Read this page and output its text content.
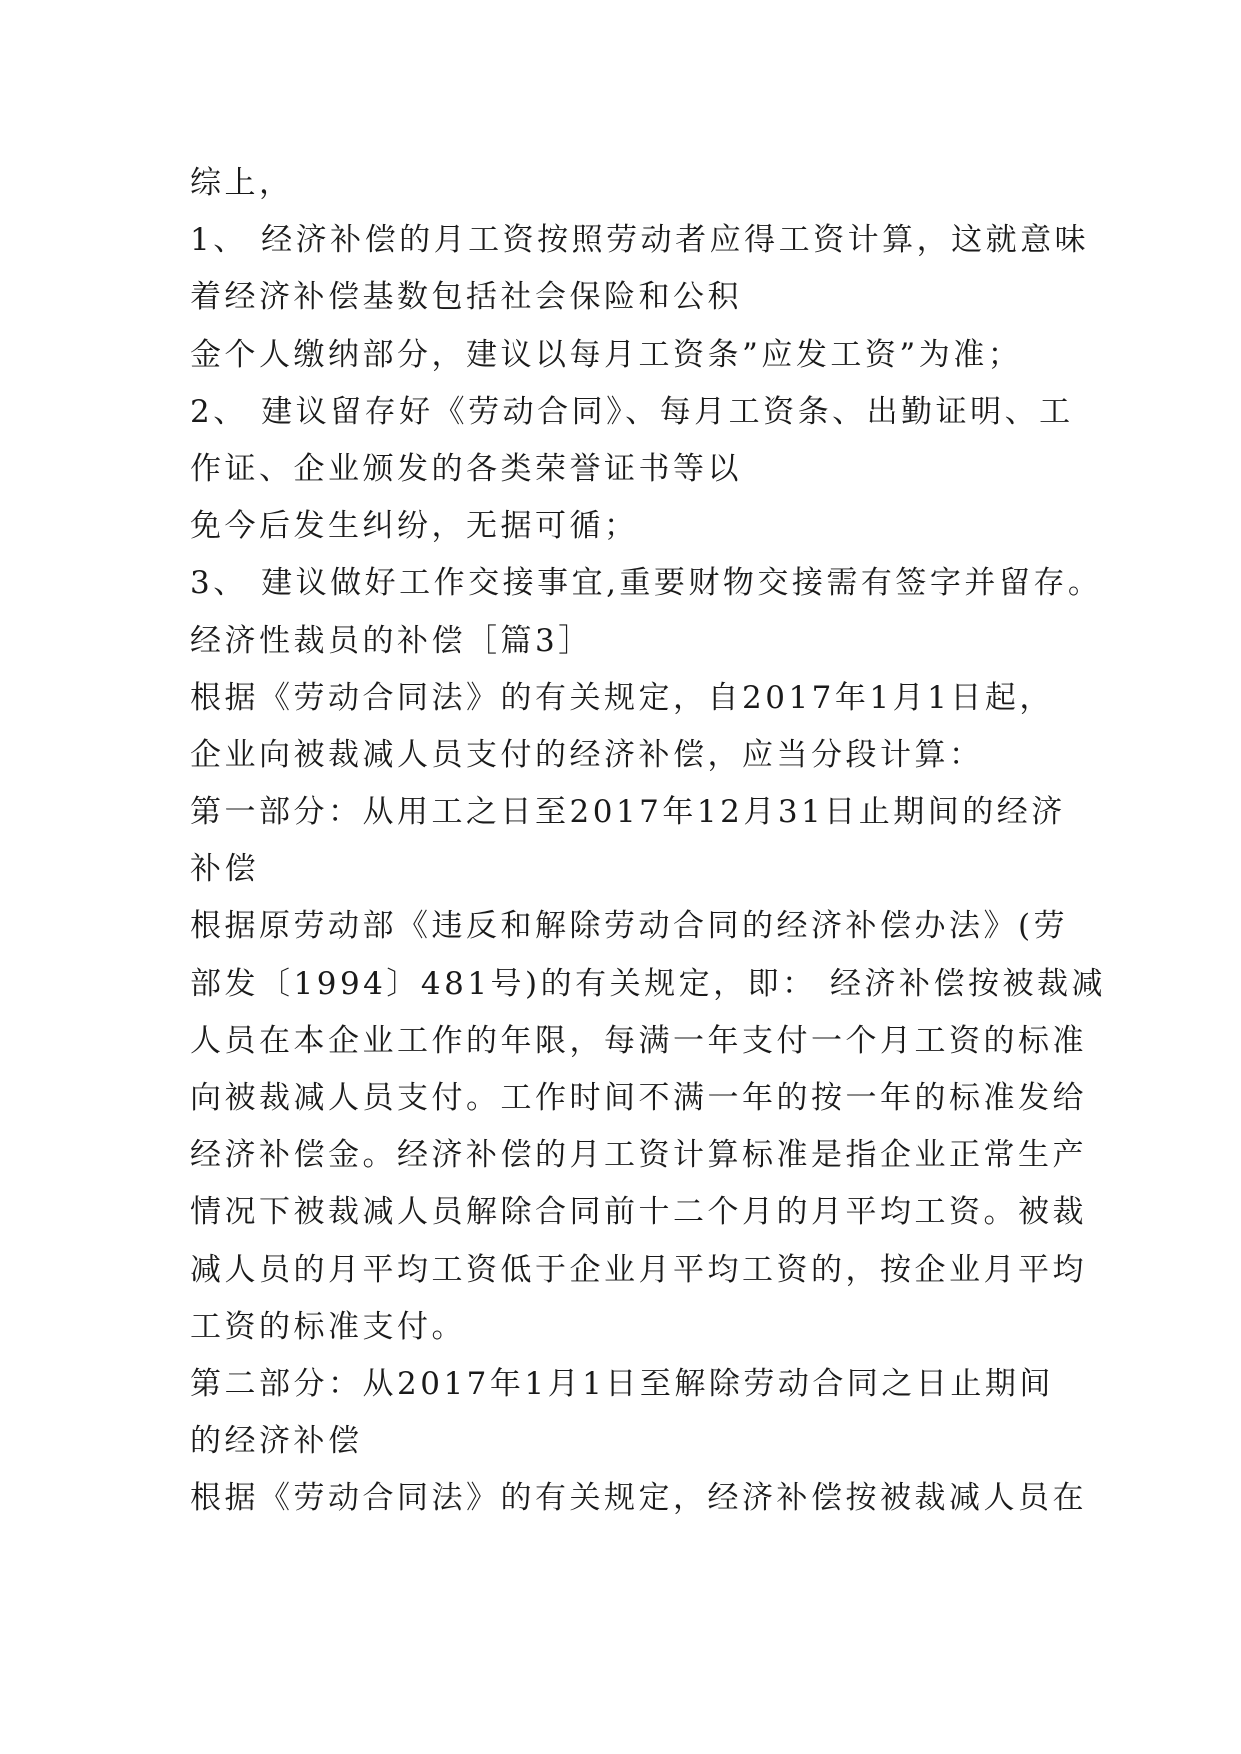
综上，
1、 经济补偿的月工资按照劳动者应得工资计算，这就意味
着经济补偿基数包括社会保险和公积
金个人缴纳部分，建议以每月工资条”应发工资”为准；
2、 建议留存好《劳动合同》、每月工资条、出勤证明、工
作证、企业颁发的各类荣誉证书等以
免今后发生纠纷，无据可循；
3、 建议做好工作交接事宜,重要财物交接需有签字并留存。
经济性裁员的补偿［篇3］
根据《劳动合同法》的有关规定，自2017年1月1日起，
企业向被裁减人员支付的经济补偿，应当分段计算：
第一部分：从用工之日至2017年12月31日止期间的经济
补偿
根据原劳动部《违反和解除劳动合同的经济补偿办法》(劳
部发〔1994〕481号)的有关规定，即： 经济补偿按被裁减
人员在本企业工作的年限，每满一年支付一个月工资的标准
向被裁减人员支付。工作时间不满一年的按一年的标准发给
经济补偿金。经济补偿的月工资计算标准是指企业正常生产
情况下被裁减人员解除合同前十二个月的月平均工资。被裁
减人员的月平均工资低于企业月平均工资的，按企业月平均
工资的标准支付。
第二部分：从2017年1月1日至解除劳动合同之日止期间
的经济补偿
根据《劳动合同法》的有关规定，经济补偿按被裁减人员在
